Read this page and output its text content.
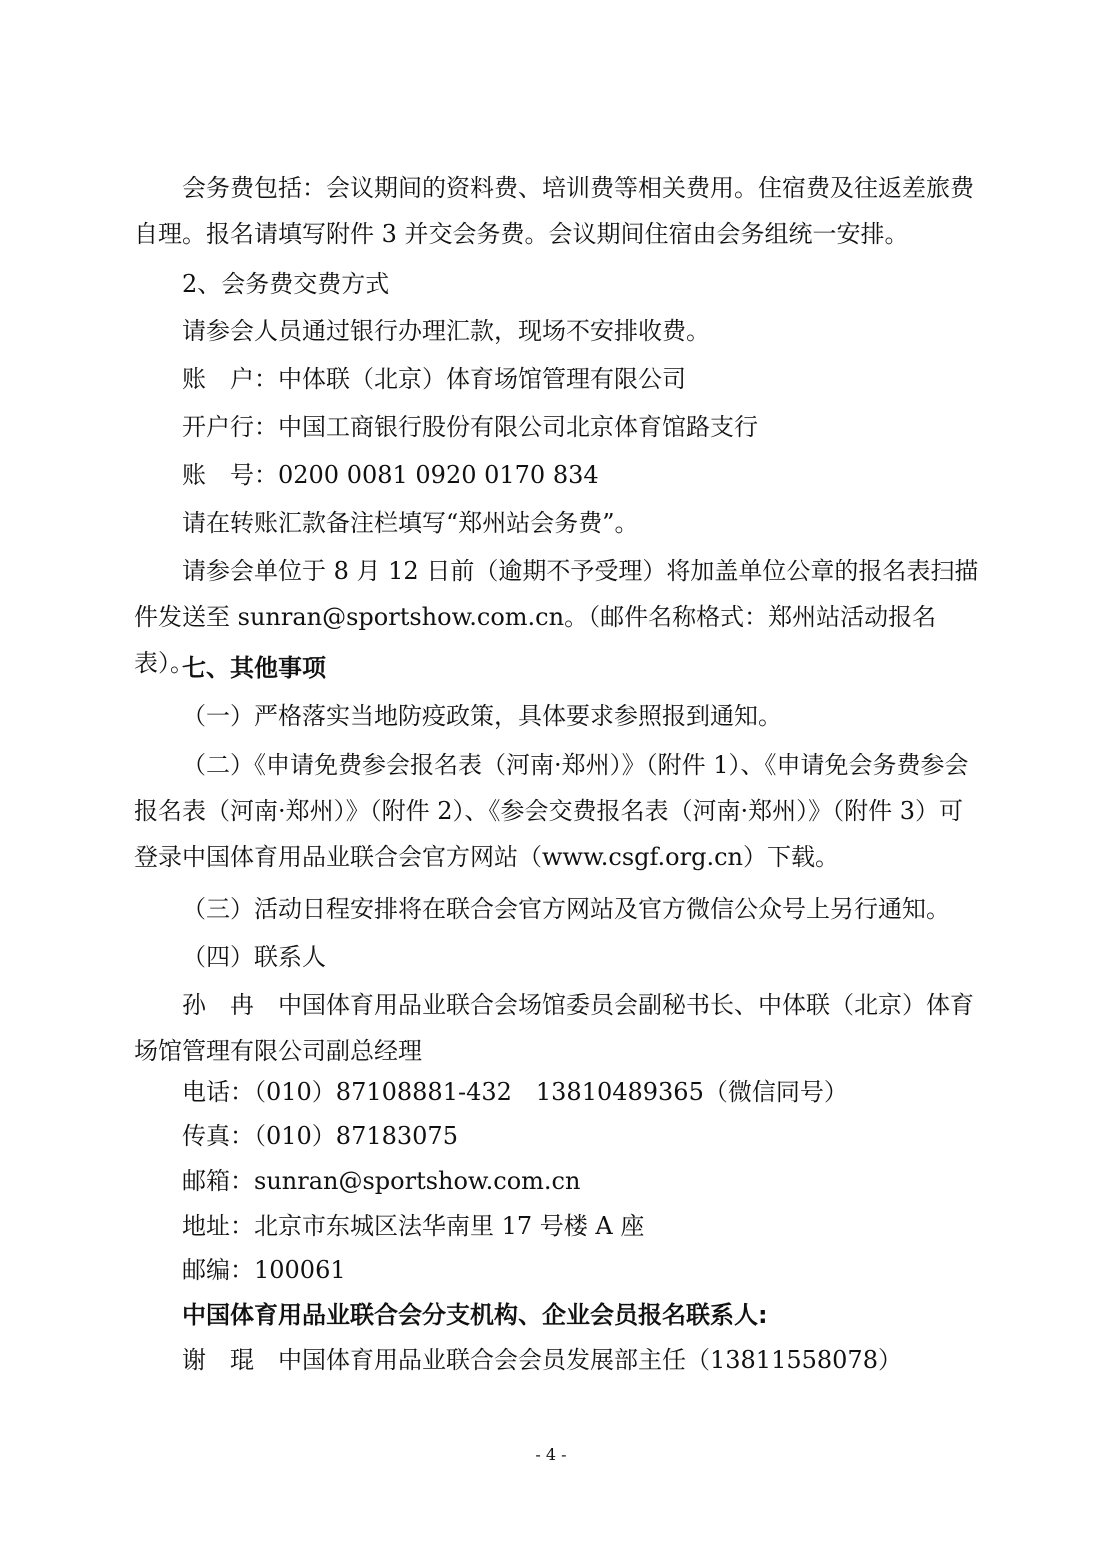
会务费包括：会议期间的资料费、培训费等相关费用。住宿费及往返差旅费自理。报名请填写附件 3 并交会务费。会议期间住宿由会务组统一安排。

2、会务费交费方式
请参会人员通过银行办理汇款，现场不安排收费。
账　户：中体联（北京）体育场馆管理有限公司
开户行：中国工商银行股份有限公司北京体育馆路支行
账　号：0200 0081 0920 0170 834
请在转账汇款备注栏填写“郑州站会务费”。

请参会单位于 8 月 12 日前（逾期不予受理）将加盖单位公章的报名表扫描件发送至 sunran@sportshow.com.cn。（邮件名称格式：郑州站活动报名表）。

七、其他事项
（一）严格落实当地防疫政策，具体要求参照报到通知。

（二）《申请免费参会报名表（河南·郑州）》（附件 1）、《申请免会务费参会报名表（河南·郑州）》（附件 2）、《参会交费报名表（河南·郑州）》（附件 3）可登录中国体育用品业联合会官方网站（www.csgf.org.cn）下载。

（三）活动日程安排将在联合会官方网站及官方微信公众号上另行通知。
（四）联系人

孙　冉　中国体育用品业联合会场馆委员会副秘书长、中体联（北京）体育场馆管理有限公司副总经理

电话：（010）87108881-432　13810489365（微信同号）
传真：（010）87183075
邮箱：sunran@sportshow.com.cn
地址：北京市东城区法华南里 17 号楼 A 座
邮编：100061
中国体育用品业联合会分支机构、企业会员报名联系人:
谢　琨　中国体育用品业联合会会员发展部主任（13811558078）
- 4 -
